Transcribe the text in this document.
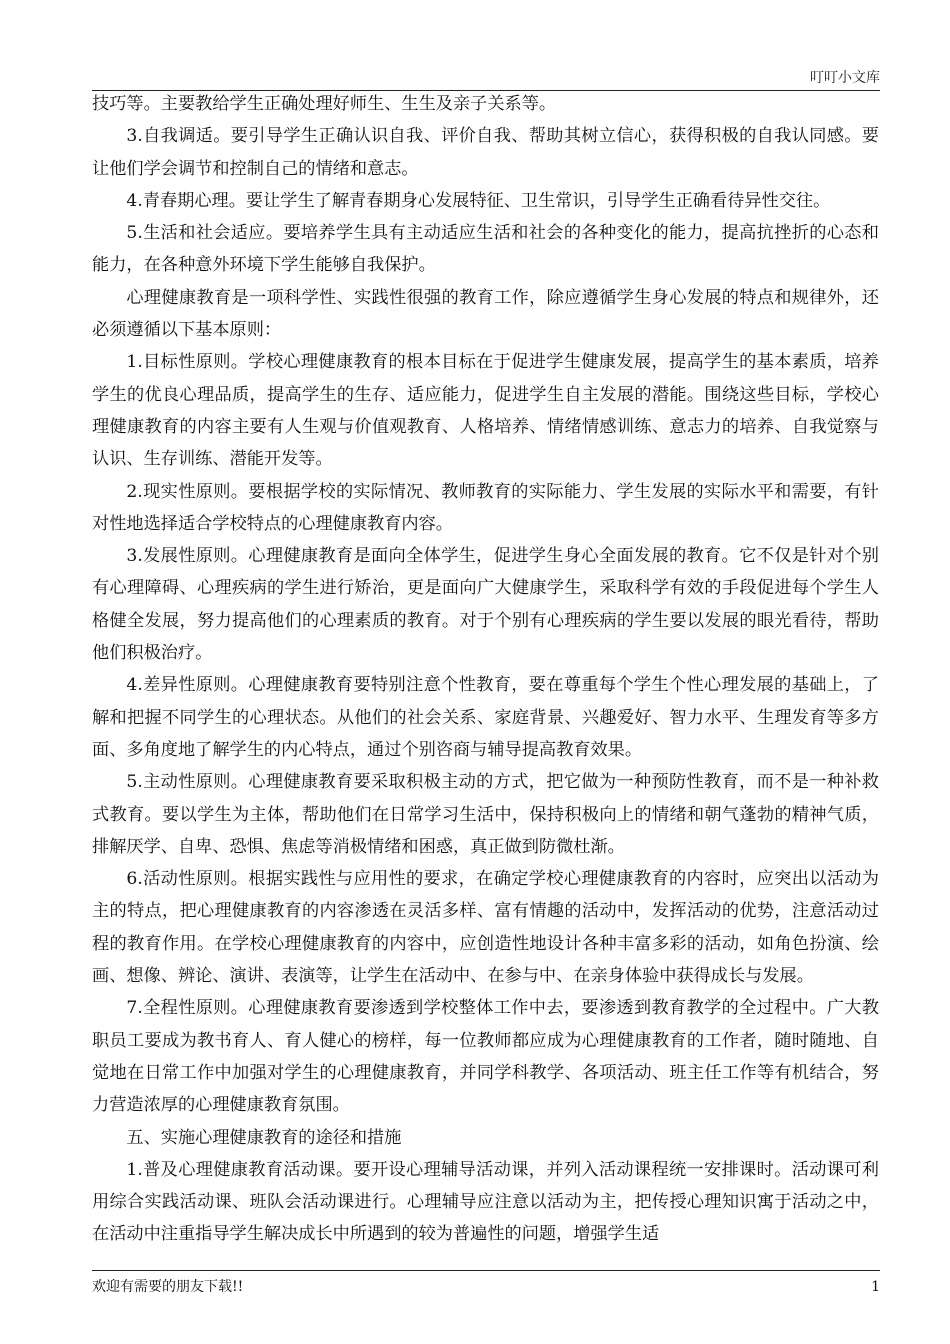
叮叮小文库

技巧等。主要教给学生正确处理好师生、生生及亲子关系等。

3.自我调适。要引导学生正确认识自我、评价自我、帮助其树立信心，获得积极的自我认同感。要让他们学会调节和控制自己的情绪和意志。

4.青春期心理。要让学生了解青春期身心发展特征、卫生常识，引导学生正确看待异性交往。

5.生活和社会适应。要培养学生具有主动适应生活和社会的各种变化的能力，提高抗挫折的心态和能力，在各种意外环境下学生能够自我保护。

心理健康教育是一项科学性、实践性很强的教育工作，除应遵循学生身心发展的特点和规律外，还必须遵循以下基本原则：

1.目标性原则。学校心理健康教育的根本目标在于促进学生健康发展，提高学生的基本素质，培养学生的优良心理品质，提高学生的生存、适应能力，促进学生自主发展的潜能。围绕这些目标，学校心理健康教育的内容主要有人生观与价值观教育、人格培养、情绪情感训练、意志力的培养、自我觉察与认识、生存训练、潜能开发等。

2.现实性原则。要根据学校的实际情况、教师教育的实际能力、学生发展的实际水平和需要，有针对性地选择适合学校特点的心理健康教育内容。

3.发展性原则。心理健康教育是面向全体学生，促进学生身心全面发展的教育。它不仅是针对个别有心理障碍、心理疾病的学生进行矫治，更是面向广大健康学生，采取科学有效的手段促进每个学生人格健全发展，努力提高他们的心理素质的教育。对于个别有心理疾病的学生要以发展的眼光看待，帮助他们积极治疗。

4.差异性原则。心理健康教育要特别注意个性教育，要在尊重每个学生个性心理发展的基础上，了解和把握不同学生的心理状态。从他们的社会关系、家庭背景、兴趣爱好、智力水平、生理发育等多方面、多角度地了解学生的内心特点，通过个别咨商与辅导提高教育效果。

5.主动性原则。心理健康教育要采取积极主动的方式，把它做为一种预防性教育，而不是一种补救式教育。要以学生为主体，帮助他们在日常学习生活中，保持积极向上的情绪和朝气蓬勃的精神气质，排解厌学、自卑、恐惧、焦虑等消极情绪和困惑，真正做到防微杜渐。

6.活动性原则。根据实践性与应用性的要求，在确定学校心理健康教育的内容时，应突出以活动为主的特点，把心理健康教育的内容渗透在灵活多样、富有情趣的活动中，发挥活动的优势，注意活动过程的教育作用。在学校心理健康教育的内容中，应创造性地设计各种丰富多彩的活动，如角色扮演、绘画、想像、辨论、演讲、表演等，让学生在活动中、在参与中、在亲身体验中获得成长与发展。

7.全程性原则。心理健康教育要渗透到学校整体工作中去，要渗透到教育教学的全过程中。广大教职员工要成为教书育人、育人健心的榜样，每一位教师都应成为心理健康教育的工作者，随时随地、自觉地在日常工作中加强对学生的心理健康教育，并同学科教学、各项活动、班主任工作等有机结合，努力营造浓厚的心理健康教育氛围。

五、实施心理健康教育的途径和措施

1.普及心理健康教育活动课。要开设心理辅导活动课，并列入活动课程统一安排课时。活动课可利用综合实践活动课、班队会活动课进行。心理辅导应注意以活动为主，把传授心理知识寓于活动之中，在活动中注重指导学生解决成长中所遇到的较为普遍性的问题，增强学生适

欢迎有需要的朋友下载!!	1
